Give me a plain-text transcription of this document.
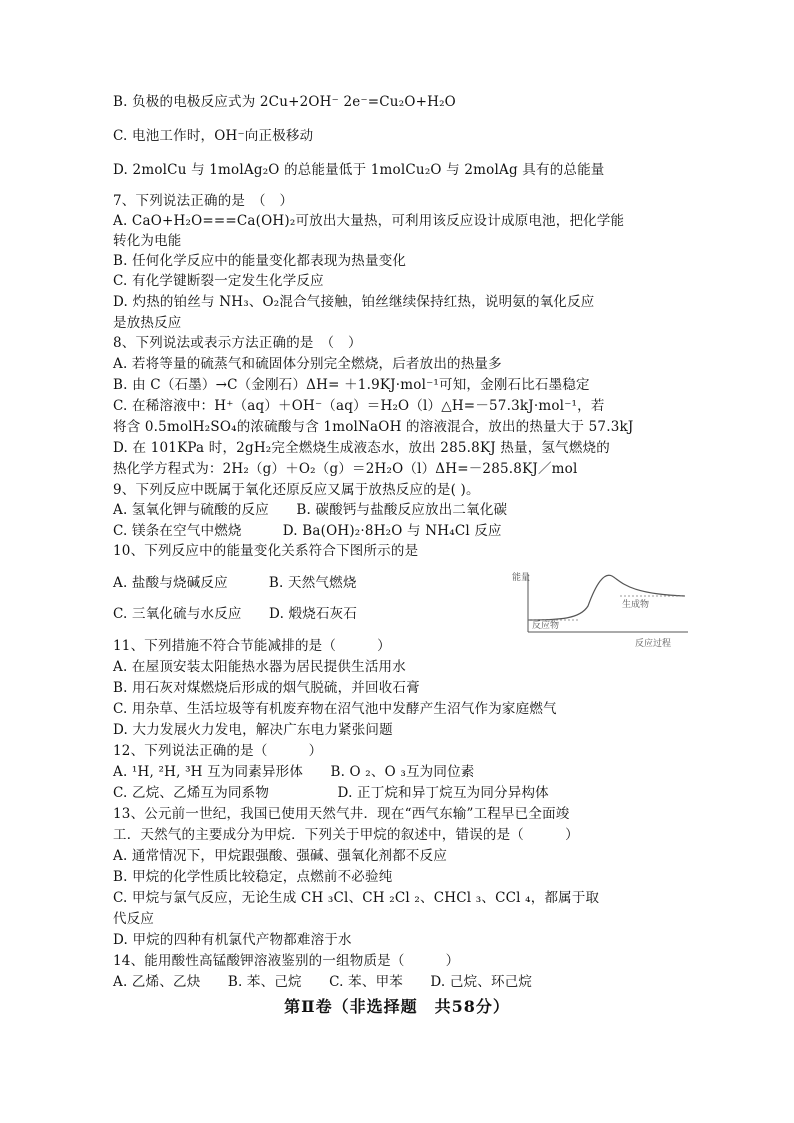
B. 负极的电极反应式为 2Cu+2OH⁻ 2e⁻=Cu₂O+H₂O
C. 电池工作时，OH⁻向正极移动
D. 2molCu 与 1molAg₂O 的总能量低于 1molCu₂O 与 2molAg 具有的总能量
7、下列说法正确的是　（　）
A. CaO+H₂O===Ca(OH)₂可放出大量热，可利用该反应设计成原电池，把化学能
转化为电能
B. 任何化学反应中的能量变化都表现为热量变化
C. 有化学键断裂一定发生化学反应
D. 灼热的铂丝与 NH₃、O₂混合气接触，铂丝继续保持红热，说明氨的氧化反应
是放热反应
8、下列说法或表示方法正确的是　（　）
A. 若将等量的硫蒸气和硫固体分别完全燃烧，后者放出的热量多
B. 由 C（石墨）→C（金刚石）ΔH= ＋1.9KJ·mol⁻¹可知，金刚石比石墨稳定
C. 在稀溶液中：H⁺（aq）＋OH⁻（aq）＝H₂O（l）△H=－57.3kJ·mol⁻¹，若
将含 0.5molH₂SO₄的浓硫酸与含 1molNaOH 的溶液混合，放出的热量大于 57.3kJ
D. 在 101KPa 时，2gH₂完全燃烧生成液态水，放出 285.8KJ 热量，氢气燃烧的
热化学方程式为：2H₂（g）＋O₂（g）＝2H₂O（l）ΔH=－285.8KJ／mol
9、下列反应中既属于氧化还原反应又属于放热反应的是( )。
A. 氢氧化钾与硫酸的反应　　B. 碳酸钙与盐酸反应放出二氧化碳
C. 镁条在空气中燃烧　　　D. Ba(OH)₂·8H₂O 与 NH₄Cl 反应
10、下列反应中的能量变化关系符合下图所示的是
A. 盐酸与烧碱反应　　　B. 天然气燃烧
C. 三氧化硫与水反应　　D. 煅烧石灰石
能量
反应物
生成物
反应过程
11、下列措施不符合节能减排的是（　　　）
A. 在屋顶安装太阳能热水器为居民提供生活用水
B. 用石灰对煤燃烧后形成的烟气脱硫，并回收石膏
C. 用杂草、生活垃圾等有机废弃物在沼气池中发酵产生沼气作为家庭燃气
D. 大力发展火力发电，解决广东电力紧张问题
12、下列说法正确的是（　　　）
A. ¹H, ²H, ³H 互为同素异形体　　B. O ₂、O ₃互为同位素
C. 乙烷、乙烯互为同系物　　　　　D. 正丁烷和异丁烷互为同分异构体
13、公元前一世纪，我国已使用天然气井．现在“西气东输”工程早已全面竣
工．天然气的主要成分为甲烷．下列关于甲烷的叙述中，错误的是（　　　）
A. 通常情况下，甲烷跟强酸、强碱、强氧化剂都不反应
B. 甲烷的化学性质比较稳定，点燃前不必验纯
C. 甲烷与氯气反应，无论生成 CH ₃Cl、CH ₂Cl ₂、CHCl ₃、CCl ₄，都属于取
代反应
D. 甲烷的四种有机氯代产物都难溶于水
14、能用酸性高锰酸钾溶液鉴别的一组物质是（　　　）
A. 乙烯、乙炔　　B. 苯、己烷　　C. 苯、甲苯　　D. 己烷、环己烷
第Ⅱ卷（非选择题　共58分）
